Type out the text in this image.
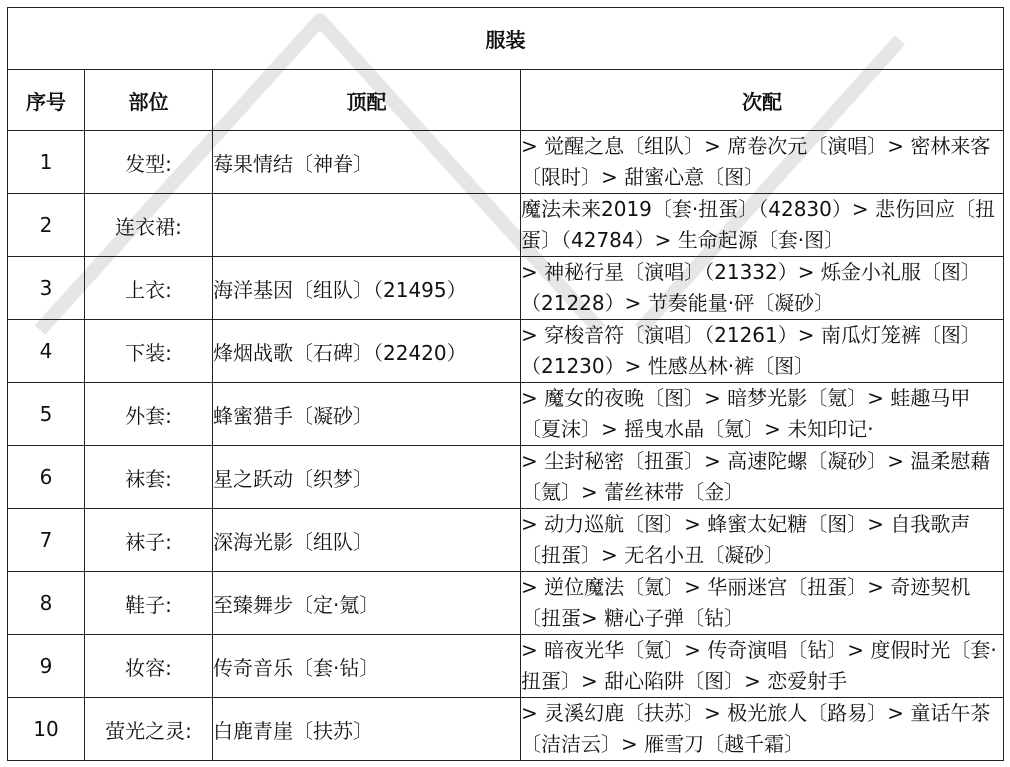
服装			
序号	部位	顶配	次配
1	发型:	莓果情结〔神眷〕	> 觉醒之息〔组队〕> 席卷次元〔演唱〕> 密林来客〔限时〕> 甜蜜心意〔图〕
2	连衣裙:		魔法未来2019〔套·扭蛋〕（42830）> 悲伤回应〔扭蛋〕（42784）> 生命起源〔套·图〕
3	上衣:	海洋基因〔组队〕（21495）	> 神秘行星〔演唱〕（21332）> 烁金小礼服〔图〕（21228）> 节奏能量·砰〔凝砂〕
4	下装:	烽烟战歌〔石碑〕（22420）	> 穿梭音符〔演唱〕（21261）> 南瓜灯笼裤〔图〕（21230）> 性感丛林·裤〔图〕
5	外套:	蜂蜜猎手〔凝砂〕	> 魔女的夜晚〔图〕> 暗梦光影〔氪〕> 蛙趣马甲〔夏沫〕> 摇曳水晶〔氪〕> 未知印记·
6	袜套:	星之跃动〔织梦〕	> 尘封秘密〔扭蛋〕> 高速陀螺〔凝砂〕> 温柔慰藉〔氪〕> 蕾丝袜带〔金〕
7	袜子:	深海光影〔组队〕	> 动力巡航〔图〕> 蜂蜜太妃糖〔图〕> 自我歌声〔扭蛋〕> 无名小丑〔凝砂〕
8	鞋子:	至臻舞步〔定·氪〕	> 逆位魔法〔氪〕> 华丽迷宫〔扭蛋〕> 奇迹契机〔扭蛋> 糖心子弹〔钻〕
9	妆容:	传奇音乐〔套·钻〕	> 暗夜光华〔氪〕> 传奇演唱〔钻〕> 度假时光〔套·扭蛋〕> 甜心陷阱〔图〕> 恋爱射手
10	萤光之灵:	白鹿青崖〔扶苏〕	> 灵溪幻鹿〔扶苏〕> 极光旅人〔路易〕> 童话午茶〔洁洁云〕> 雁雪刀〔越千霜〕
